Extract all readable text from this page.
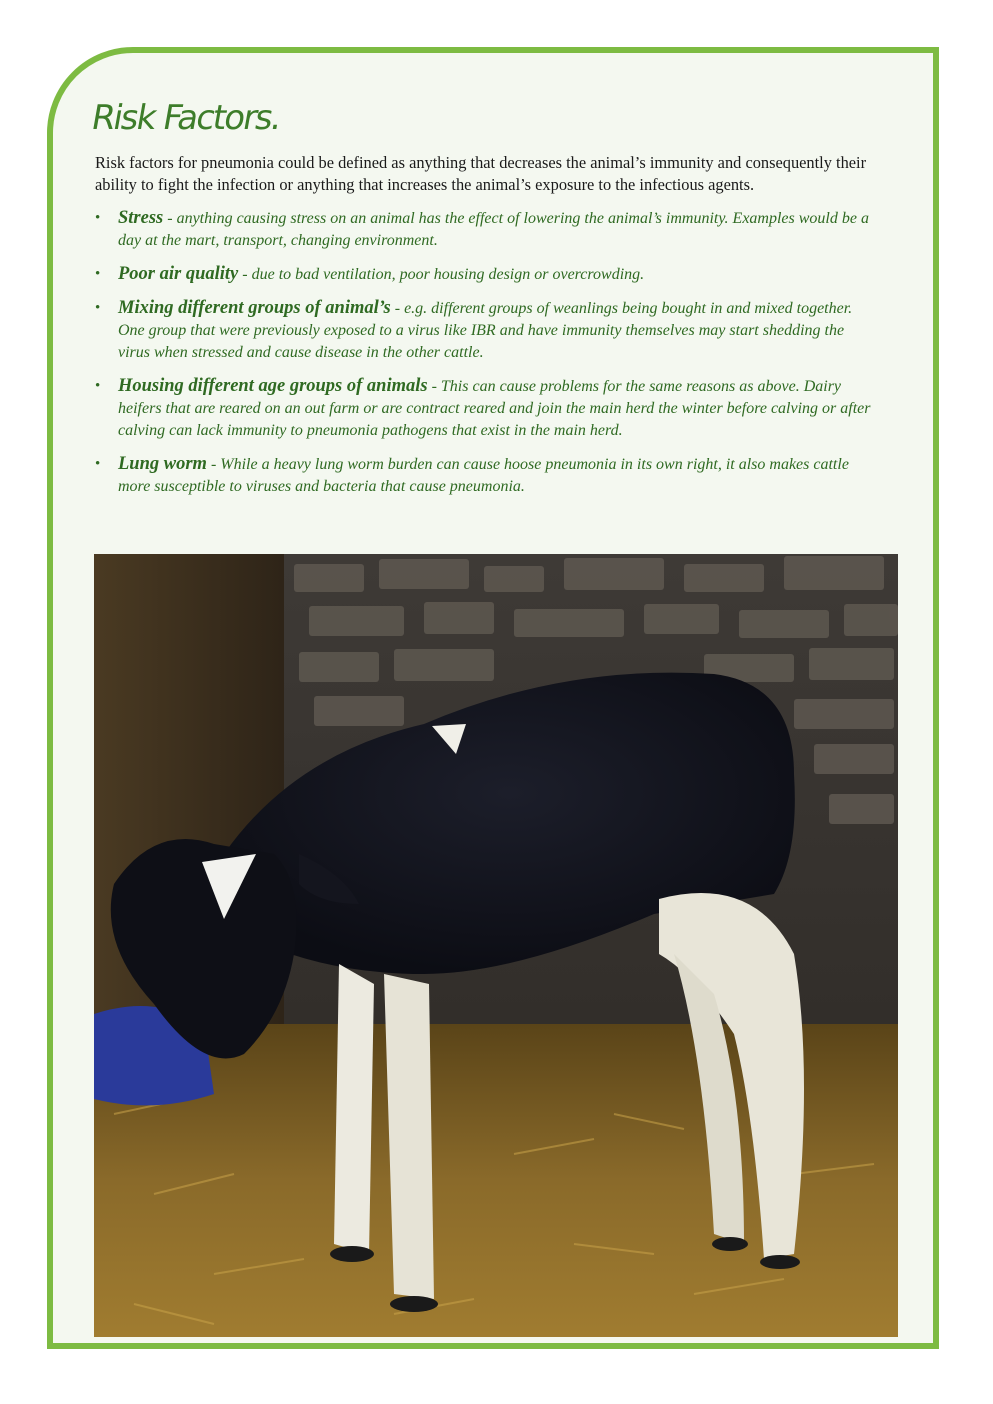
Risk Factors.

Risk factors for pneumonia could be defined as anything that decreases the animal’s immunity and consequently their ability to fight the infection or anything that increases the animal’s exposure to the infectious agents.

• Stress - anything causing stress on an animal has the effect of lowering the animal’s immunity. Examples would be a day at the mart, transport, changing environment.
• Poor air quality - due to bad ventilation, poor housing design or overcrowding.
• Mixing different groups of animal’s - e.g. different groups of weanlings being bought in and mixed together. One group that were previously exposed to a virus like IBR and have immunity themselves may start shedding the virus when stressed and cause disease in the other cattle.
• Housing different age groups of animals - This can cause problems for the same reasons as above. Dairy heifers that are reared on an out farm or are contract reared and join the main herd the winter before calving or after calving can lack immunity to pneumonia pathogens that exist in the main herd.
• Lung worm - While a heavy lung worm burden can cause hoose pneumonia in its own right, it also makes cattle more susceptible to viruses and bacteria that cause pneumonia.
